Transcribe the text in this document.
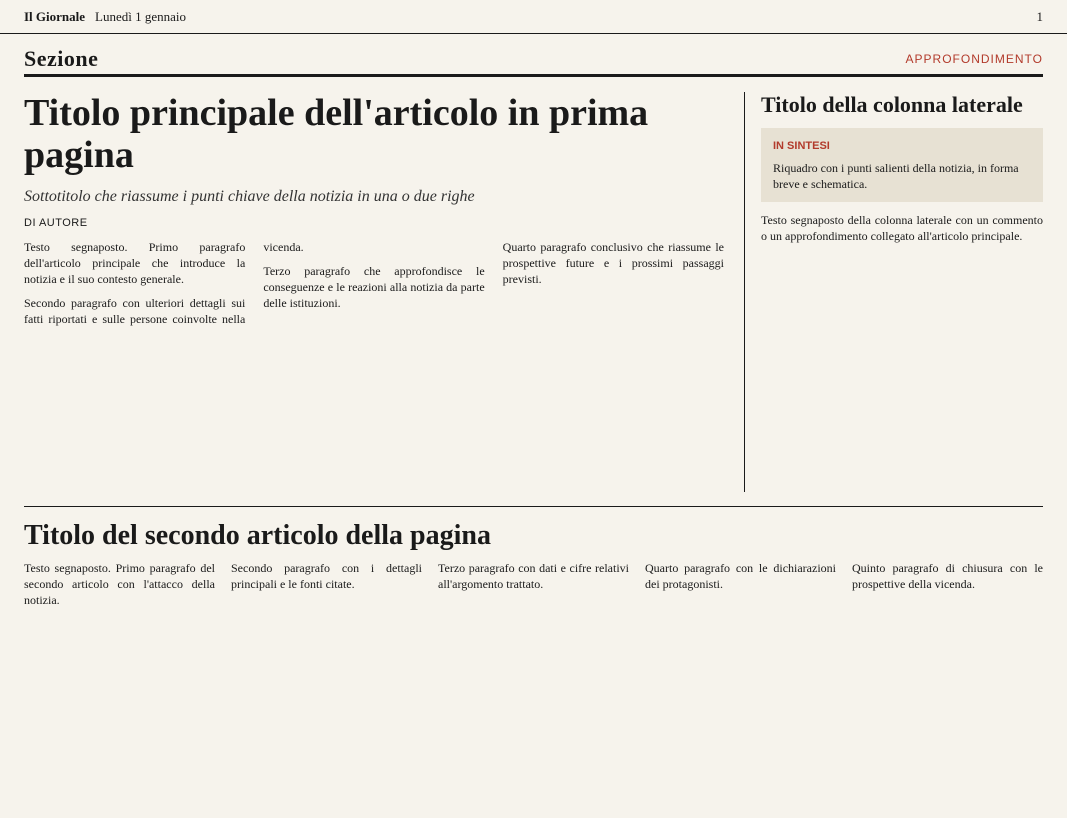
Il Giornale Lunedì 1 gennaio	1
Sezione	APPROFONDIMENTO
Titolo principale dell'articolo in prima pagina

Sottotitolo che riassume i punti chiave della notizia in una o due righe

DI AUTORE

Testo segnaposto. Primo paragrafo dell'articolo principale che introduce la notizia e il suo contesto generale.

Secondo paragrafo con ulteriori dettagli sui fatti riportati e sulle persone coinvolte nella vicenda.

Terzo paragrafo che approfondisce le conseguenze e le reazioni alla notizia da parte delle istituzioni.

Quarto paragrafo conclusivo che riassume le prospettive future e i prossimi passaggi previsti.

Titolo della colonna laterale
IN SINTESI
Riquadro con i punti salienti della notizia, in forma breve e schematica.
Testo segnaposto della colonna laterale con un commento o un approfondimento collegato all'articolo principale.
Titolo del secondo articolo della pagina

Testo segnaposto. Primo paragrafo del secondo articolo con l'attacco della notizia.

Secondo paragrafo con i dettagli principali e le fonti citate.

Terzo paragrafo con dati e cifre relativi all'argomento trattato.

Quarto paragrafo con le dichiarazioni dei protagonisti.

Quinto paragrafo di chiusura con le prospettive della vicenda.
